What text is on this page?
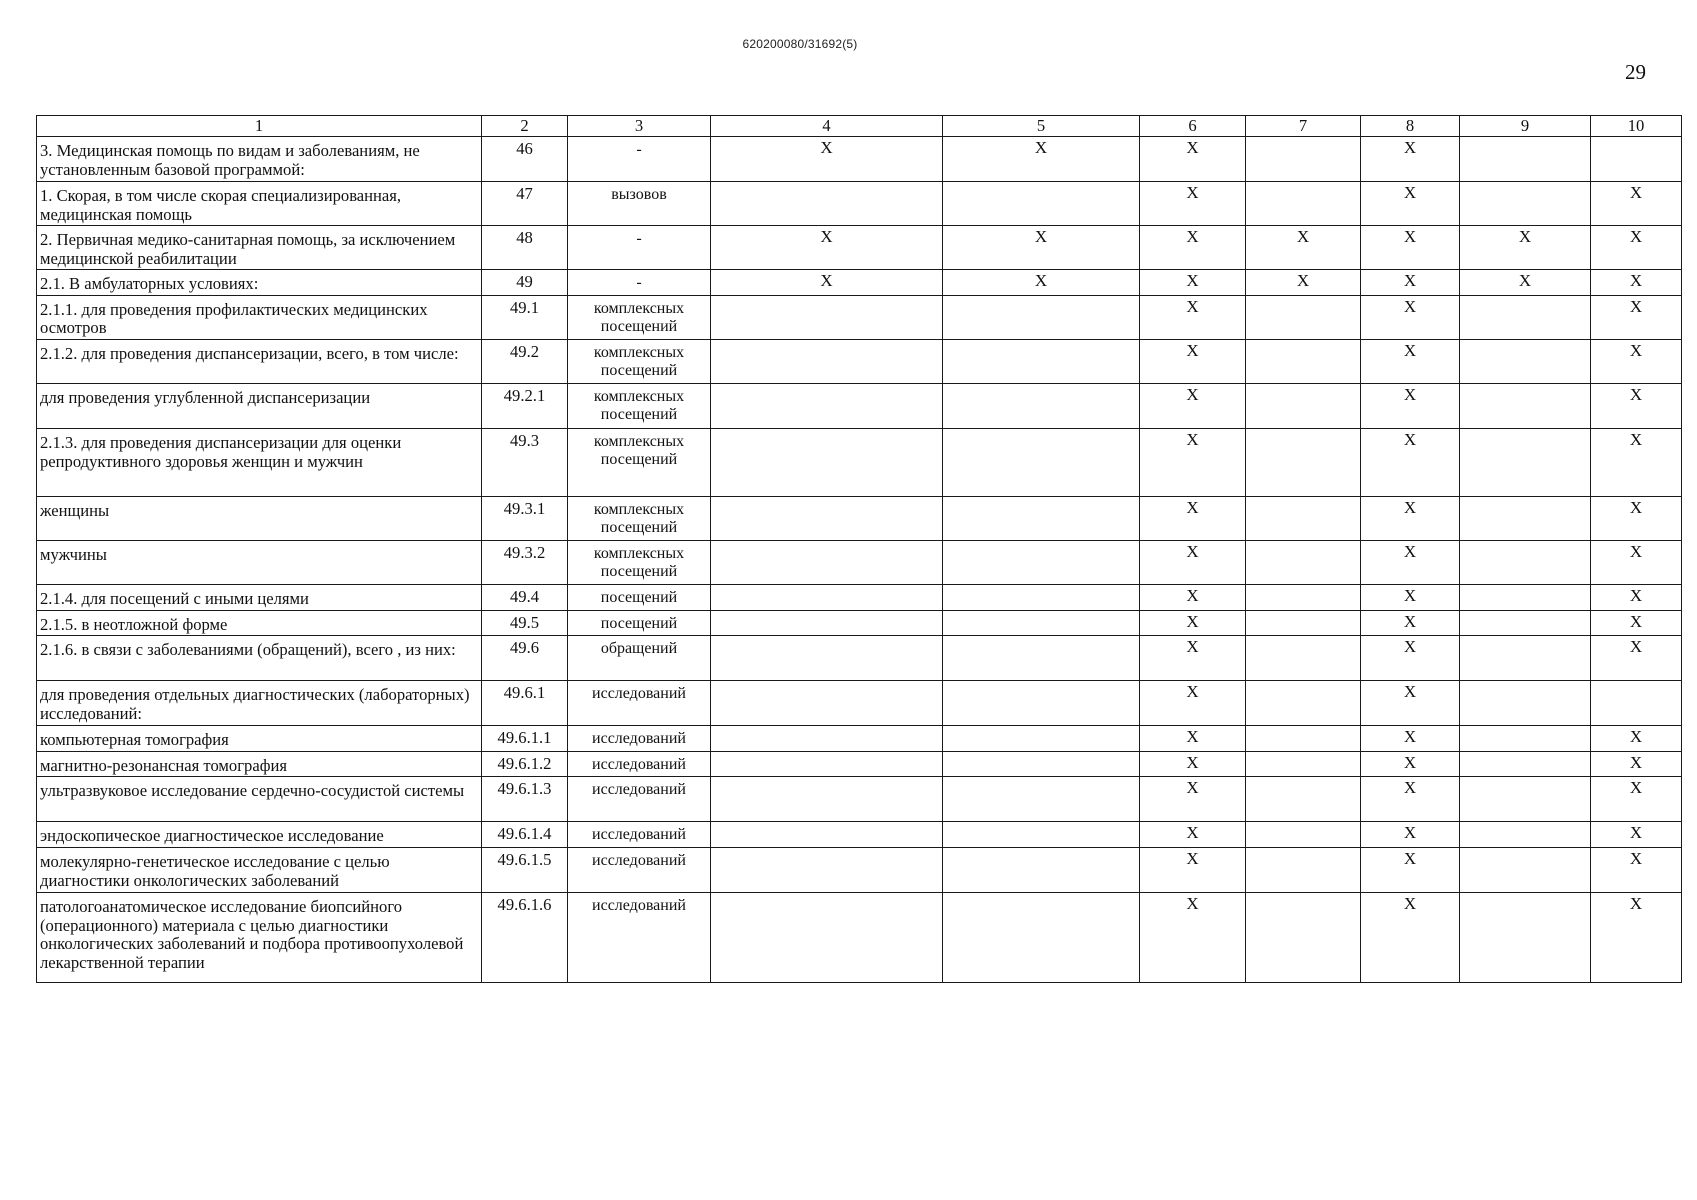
620200080/31692(5)
29
1	2	3	4	5	6	7	8	9	10
3. Медицинская помощь по видам и заболеваниям, не установленным базовой программой:	46	-	X	X	X		X		
1. Скорая, в том числе скорая специализированная, медицинская помощь	47	вызовов			X		X		X
2. Первичная медико-санитарная помощь, за исключением медицинской реабилитации	48	-	X	X	X	X	X	X	X
2.1. В амбулаторных условиях:	49	-	X	X	X	X	X	X	X
2.1.1. для проведения профилактических медицинских осмотров	49.1	комплексных посещений			X		X		X
2.1.2. для проведения диспансеризации, всего, в том числе:	49.2	комплексных посещений			X		X		X
для проведения углубленной диспансеризации	49.2.1	комплексных посещений			X		X		X
2.1.3. для проведения диспансеризации для оценки репродуктивного здоровья женщин и мужчин	49.3	комплексных посещений			X		X		X
женщины	49.3.1	комплексных посещений			X		X		X
мужчины	49.3.2	комплексных посещений			X		X		X
2.1.4. для посещений с иными целями	49.4	посещений			X		X		X
2.1.5. в неотложной форме	49.5	посещений			X		X		X
2.1.6. в связи с заболеваниями (обращений), всего , из них:	49.6	обращений			X		X		X
для проведения отдельных диагностических (лабораторных) исследований:	49.6.1	исследований			X		X		
компьютерная томография	49.6.1.1	исследований			X		X		X
магнитно-резонансная томография	49.6.1.2	исследований			X		X		X
ультразвуковое исследование сердечно-сосудистой системы	49.6.1.3	исследований			X		X		X
эндоскопическое диагностическое исследование	49.6.1.4	исследований			X		X		X
молекулярно-генетическое исследование с целью диагностики онкологических заболеваний	49.6.1.5	исследований			X		X		X
патологоанатомическое исследование биопсийного (операционного) материала с целью диагностики онкологических заболеваний и подбора противоопухолевой лекарственной терапии	49.6.1.6	исследований			X		X		X
